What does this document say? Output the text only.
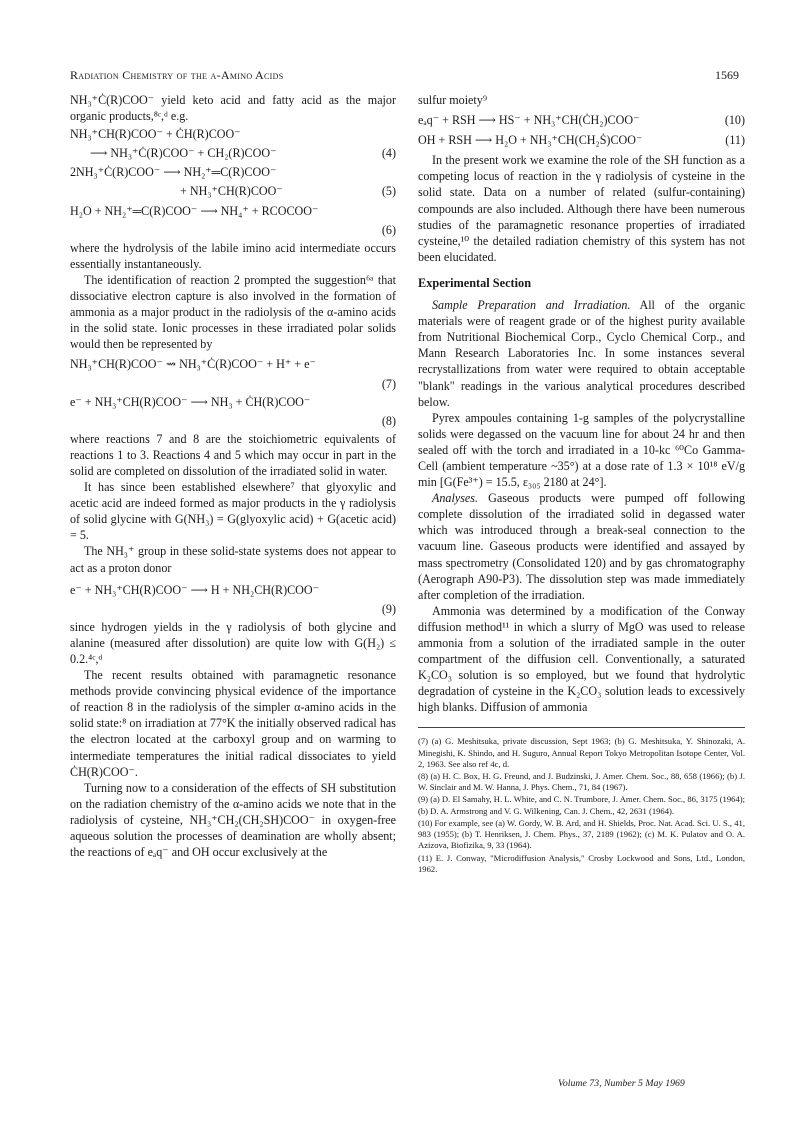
Radiation Chemistry of the α-Amino Acids	1569

NH₃⁺Ċ(R)COO⁻ yield keto acid and fatty acid as the major organic products,⁸ᶜ,ᵈ e.g.

NH₃⁺CH(R)COO⁻ + ĊH(R)COO⁻
⟶ NH₃⁺Ċ(R)COO⁻ + CH₂(R)COO⁻	(4)
2NH₃⁺Ċ(R)COO⁻ ⟶ NH₂⁺═C(R)COO⁻
+ NH₃⁺CH(R)COO⁻	(5)
H₂O + NH₂⁺═C(R)COO⁻ ⟶ NH₄⁺ + RCOCOO⁻
(6)

where the hydrolysis of the labile imino acid intermediate occurs essentially instantaneously.

The identification of reaction 2 prompted the suggestion⁶ᵃ that dissociative electron capture is also involved in the formation of ammonia as a major product in the radiolysis of the α-amino acids in the solid state. Ionic processes in these irradiated polar solids would then be represented by

NH₃⁺CH(R)COO⁻ ⇝ NH₃⁺Ċ(R)COO⁻ + H⁺ + e⁻
(7)
e⁻ + NH₃⁺CH(R)COO⁻ ⟶ NH₃ + ĊH(R)COO⁻
(8)

where reactions 7 and 8 are the stoichiometric equivalents of reactions 1 to 3. Reactions 4 and 5 which may occur in part in the solid are completed on dissolution of the irradiated solid in water.

It has since been established elsewhere⁷ that glyoxylic and acetic acid are indeed formed as major products in the γ radiolysis of solid glycine with G(NH₃) = G(glyoxylic acid) + G(acetic acid) = 5.

The NH₃⁺ group in these solid-state systems does not appear to act as a proton donor

e⁻ + NH₃⁺CH(R)COO⁻ ⟶ H + NH₂CH(R)COO⁻
(9)

since hydrogen yields in the γ radiolysis of both glycine and alanine (measured after dissolution) are quite low with G(H₂) ≤ 0.2.⁴ᶜ,ᵈ

The recent results obtained with paramagnetic resonance methods provide convincing physical evidence of the importance of reaction 8 in the radiolysis of the simpler α-amino acids in the solid state:⁸ on irradiation at 77°K the initially observed radical has the electron located at the carboxyl group and on warming to intermediate temperatures the initial radical dissociates to yield ĊH(R)COO⁻.

Turning now to a consideration of the effects of SH substitution on the radiation chemistry of the α-amino acids we note that in the radiolysis of cysteine, NH₃⁺CH₂(CH₂SH)COO⁻ in oxygen-free aqueous solution the processes of deamination are wholly absent; the reactions of eₐq⁻ and OH occur exclusively at the

sulfur moiety⁹

eₐq⁻ + RSH ⟶ HS⁻ + NH₃⁺CH(ĊH₂)COO⁻	(10)
OH + RSH ⟶ H₂O + NH₃⁺CH(CH₂Ṡ)COO⁻	(11)

In the present work we examine the role of the SH function as a competing locus of reaction in the γ radiolysis of cysteine in the solid state. Data on a number of related (sulfur-containing) compounds are also included. Although there have been numerous studies of the paramagnetic resonance properties of irradiated cysteine,¹⁰ the detailed radiation chemistry of this system has not been elucidated.

Experimental Section

Sample Preparation and Irradiation. All of the organic materials were of reagent grade or of the highest purity available from Nutritional Biochemical Corp., Cyclo Chemical Corp., and Mann Research Laboratories Inc. In some instances several recrystallizations from water were required to obtain acceptable "blank" readings in the various analytical procedures described below.

Pyrex ampoules containing 1-g samples of the polycrystalline solids were degassed on the vacuum line for about 24 hr and then sealed off with the torch and irradiated in a 10-kc ⁶⁰Co Gamma-Cell (ambient temperature ~35°) at a dose rate of 1.3 × 10¹⁸ eV/g min [G(Fe³⁺) = 15.5, ε₃₀₅ 2180 at 24°].

Analyses. Gaseous products were pumped off following complete dissolution of the irradiated solid in degassed water which was introduced through a break-seal connection to the vacuum line. Gaseous products were identified and assayed by mass spectrometry (Consolidated 120) and by gas chromatography (Aerograph A90-P3). The dissolution step was made immediately after completion of the irradiation.

Ammonia was determined by a modification of the Conway diffusion method¹¹ in which a slurry of MgO was used to release ammonia from a solution of the irradiated sample in the outer compartment of the diffusion cell. Conventionally, a saturated K₂CO₃ solution is so employed, but we found that hydrolytic degradation of cysteine in the K₂CO₃ solution leads to excessively high blanks. Diffusion of ammonia

(7) (a) G. Meshitsuka, private discussion, Sept 1963; (b) G. Meshitsuka, Y. Shinozaki, A. Minegishi, K. Shindo, and H. Suguro, Annual Report Tokyo Metropolitan Isotope Center, Vol. 2, 1963. See also ref 4c, d.

(8) (a) H. C. Box, H. G. Freund, and J. Budzinski, J. Amer. Chem. Soc., 88, 658 (1966); (b) J. W. Sinclair and M. W. Hanna, J. Phys. Chem., 71, 84 (1967).

(9) (a) D. El Samahy, H. L. White, and C. N. Trumbore, J. Amer. Chem. Soc., 86, 3175 (1964); (b) D. A. Armstrong and V. G. Wilkening, Can. J. Chem., 42, 2631 (1964).

(10) For example, see (a) W. Gordy, W. B. Ard, and H. Shields, Proc. Nat. Acad. Sci. U. S., 41, 983 (1955); (b) T. Henriksen, J. Chem. Phys., 37, 2189 (1962); (c) M. K. Pulatov and O. A. Azizova, Biofizika, 9, 33 (1964).

(11) E. J. Conway, "Microdiffusion Analysis," Crosby Lockwood and Sons, Ltd., London, 1962.

Volume 73, Number 5 May 1969
